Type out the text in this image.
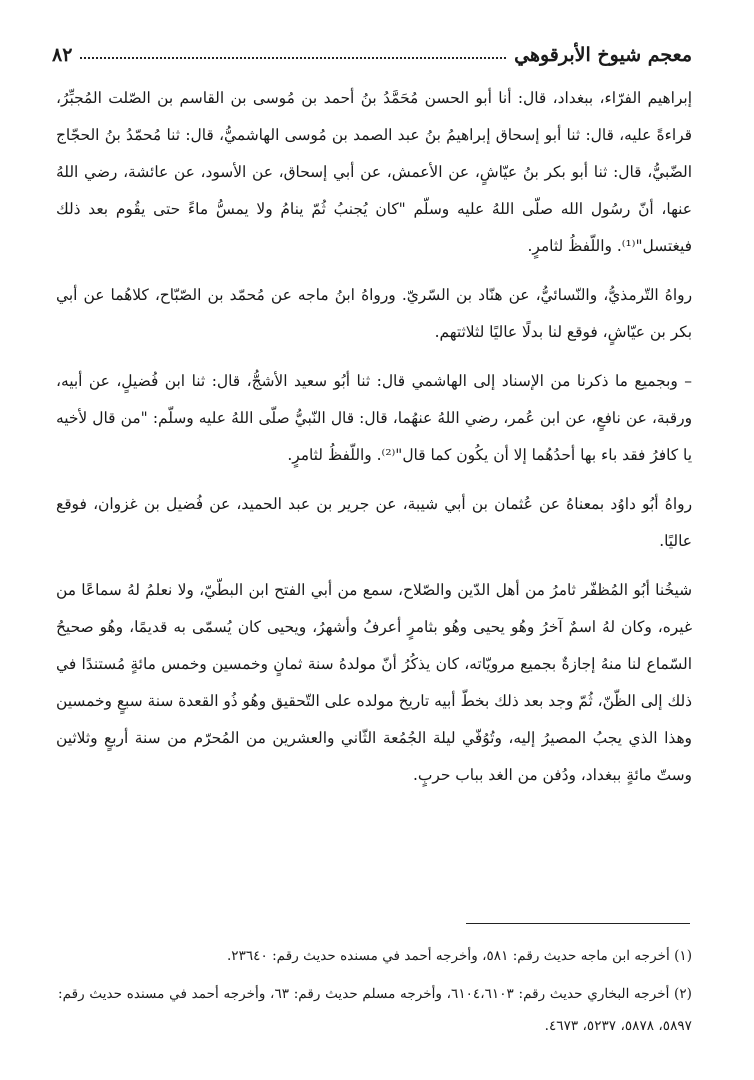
معجم شيوخ الأبرقوهي
٨٢

إبراهيم الفرّاء، ببغداد، قال: أنا أبو الحسن مُحَمَّدُ بنُ أحمد بن مُوسى بن القاسم بن الصّلت المُجبِّرُ، قراءةً عليه، قال: ثنا أبو إسحاق إبراهيمُ بنُ عبد الصمد بن مُوسى الهاشميُّ، قال: ثنا مُحمّدُ بنُ الحجّاج الضّبيُّ، قال: ثنا أبو بكر بنُ عيّاشٍ، عن الأعمش، عن أبي إسحاق، عن الأسود، عن عائشة، رضي اللهُ عنها، أنّ رسُول الله صلّى اللهُ عليه وسلّم "كان يُجنبُ ثُمّ ينامُ ولا يمسُّ ماءً حتى يقُوم بعد ذلك فيغتسل"⁽¹⁾. واللّفظُ لثامرٍ.

رواهُ التّرمذيُّ، والنّسائيُّ، عن هنّاد بن السّريّ. ورواهُ ابنُ ماجه عن مُحمّد بن الصّبّاح، كلاهُما عن أبي بكر بن عيّاشٍ، فوقع لنا بدلًا عاليًا لثلاثتهم.

– وبجميع ما ذكرنا من الإسناد إلى الهاشمي قال: ثنا أبُو سعيد الأشجُّ، قال: ثنا ابن فُضيلٍ، عن أبيه، ورقبة، عن نافعٍ، عن ابن عُمر، رضي اللهُ عنهُما، قال: قال النّبيُّ صلّى اللهُ عليه وسلّم: "من قال لأخيه يا كافرُ فقد باء بها أحدُهُما إلا أن يكُون كما قال"⁽²⁾. واللّفظُ لثامرٍ.

رواهُ أبُو داوُد بمعناهُ عن عُثمان بن أبي شيبة، عن جرير بن عبد الحميد، عن فُضيل بن غزوان، فوقع عاليًا.

شيخُنا أبُو المُظفّر ثامرُ من أهل الدّين والصّلاح، سمع من أبي الفتح ابن البطّيّ، ولا نعلمُ لهُ سماعًا من غيره، وكان لهُ اسمٌ آخرُ وهُو يحيى وهُو بثامرٍ أعرفُ وأشهرُ، ويحيى كان يُسمّى به قديمًا، وهُو صحيحُ السّماع لنا منهُ إجازةٌ بجميع مرويّاته، كان يذكُرُ أنّ مولدهُ سنة ثمانٍ وخمسين وخمس مائةٍ مُستندًا في ذلك إلى الظّنّ، ثُمّ وجد بعد ذلك بخطّ أبيه تاريخ مولده على التّحقيق وهُو ذُو القعدة سنة سبعٍ وخمسين وهذا الذي يجبُ المصيرُ إليه، وتُوُفّي ليلة الجُمُعة الثّاني والعشرين من المُحرّم من سنة أربعٍ وثلاثين وستّ مائةٍ ببغداد، ودُفن من الغد بباب حربٍ.

(١) أخرجه ابن ماجه حديث رقم: ٥٨١، وأخرجه أحمد في مسنده حديث رقم: ٢٣٦٤٠.

(٢) أخرجه البخاري حديث رقم: ٦١٠٤،٦١٠٣، وأخرجه مسلم حديث رقم: ٦٣، وأخرجه أحمد في مسنده حديث رقم: ٥٨٩٧، ٥٨٧٨، ٥٢٣٧، ٤٦٧٣.
